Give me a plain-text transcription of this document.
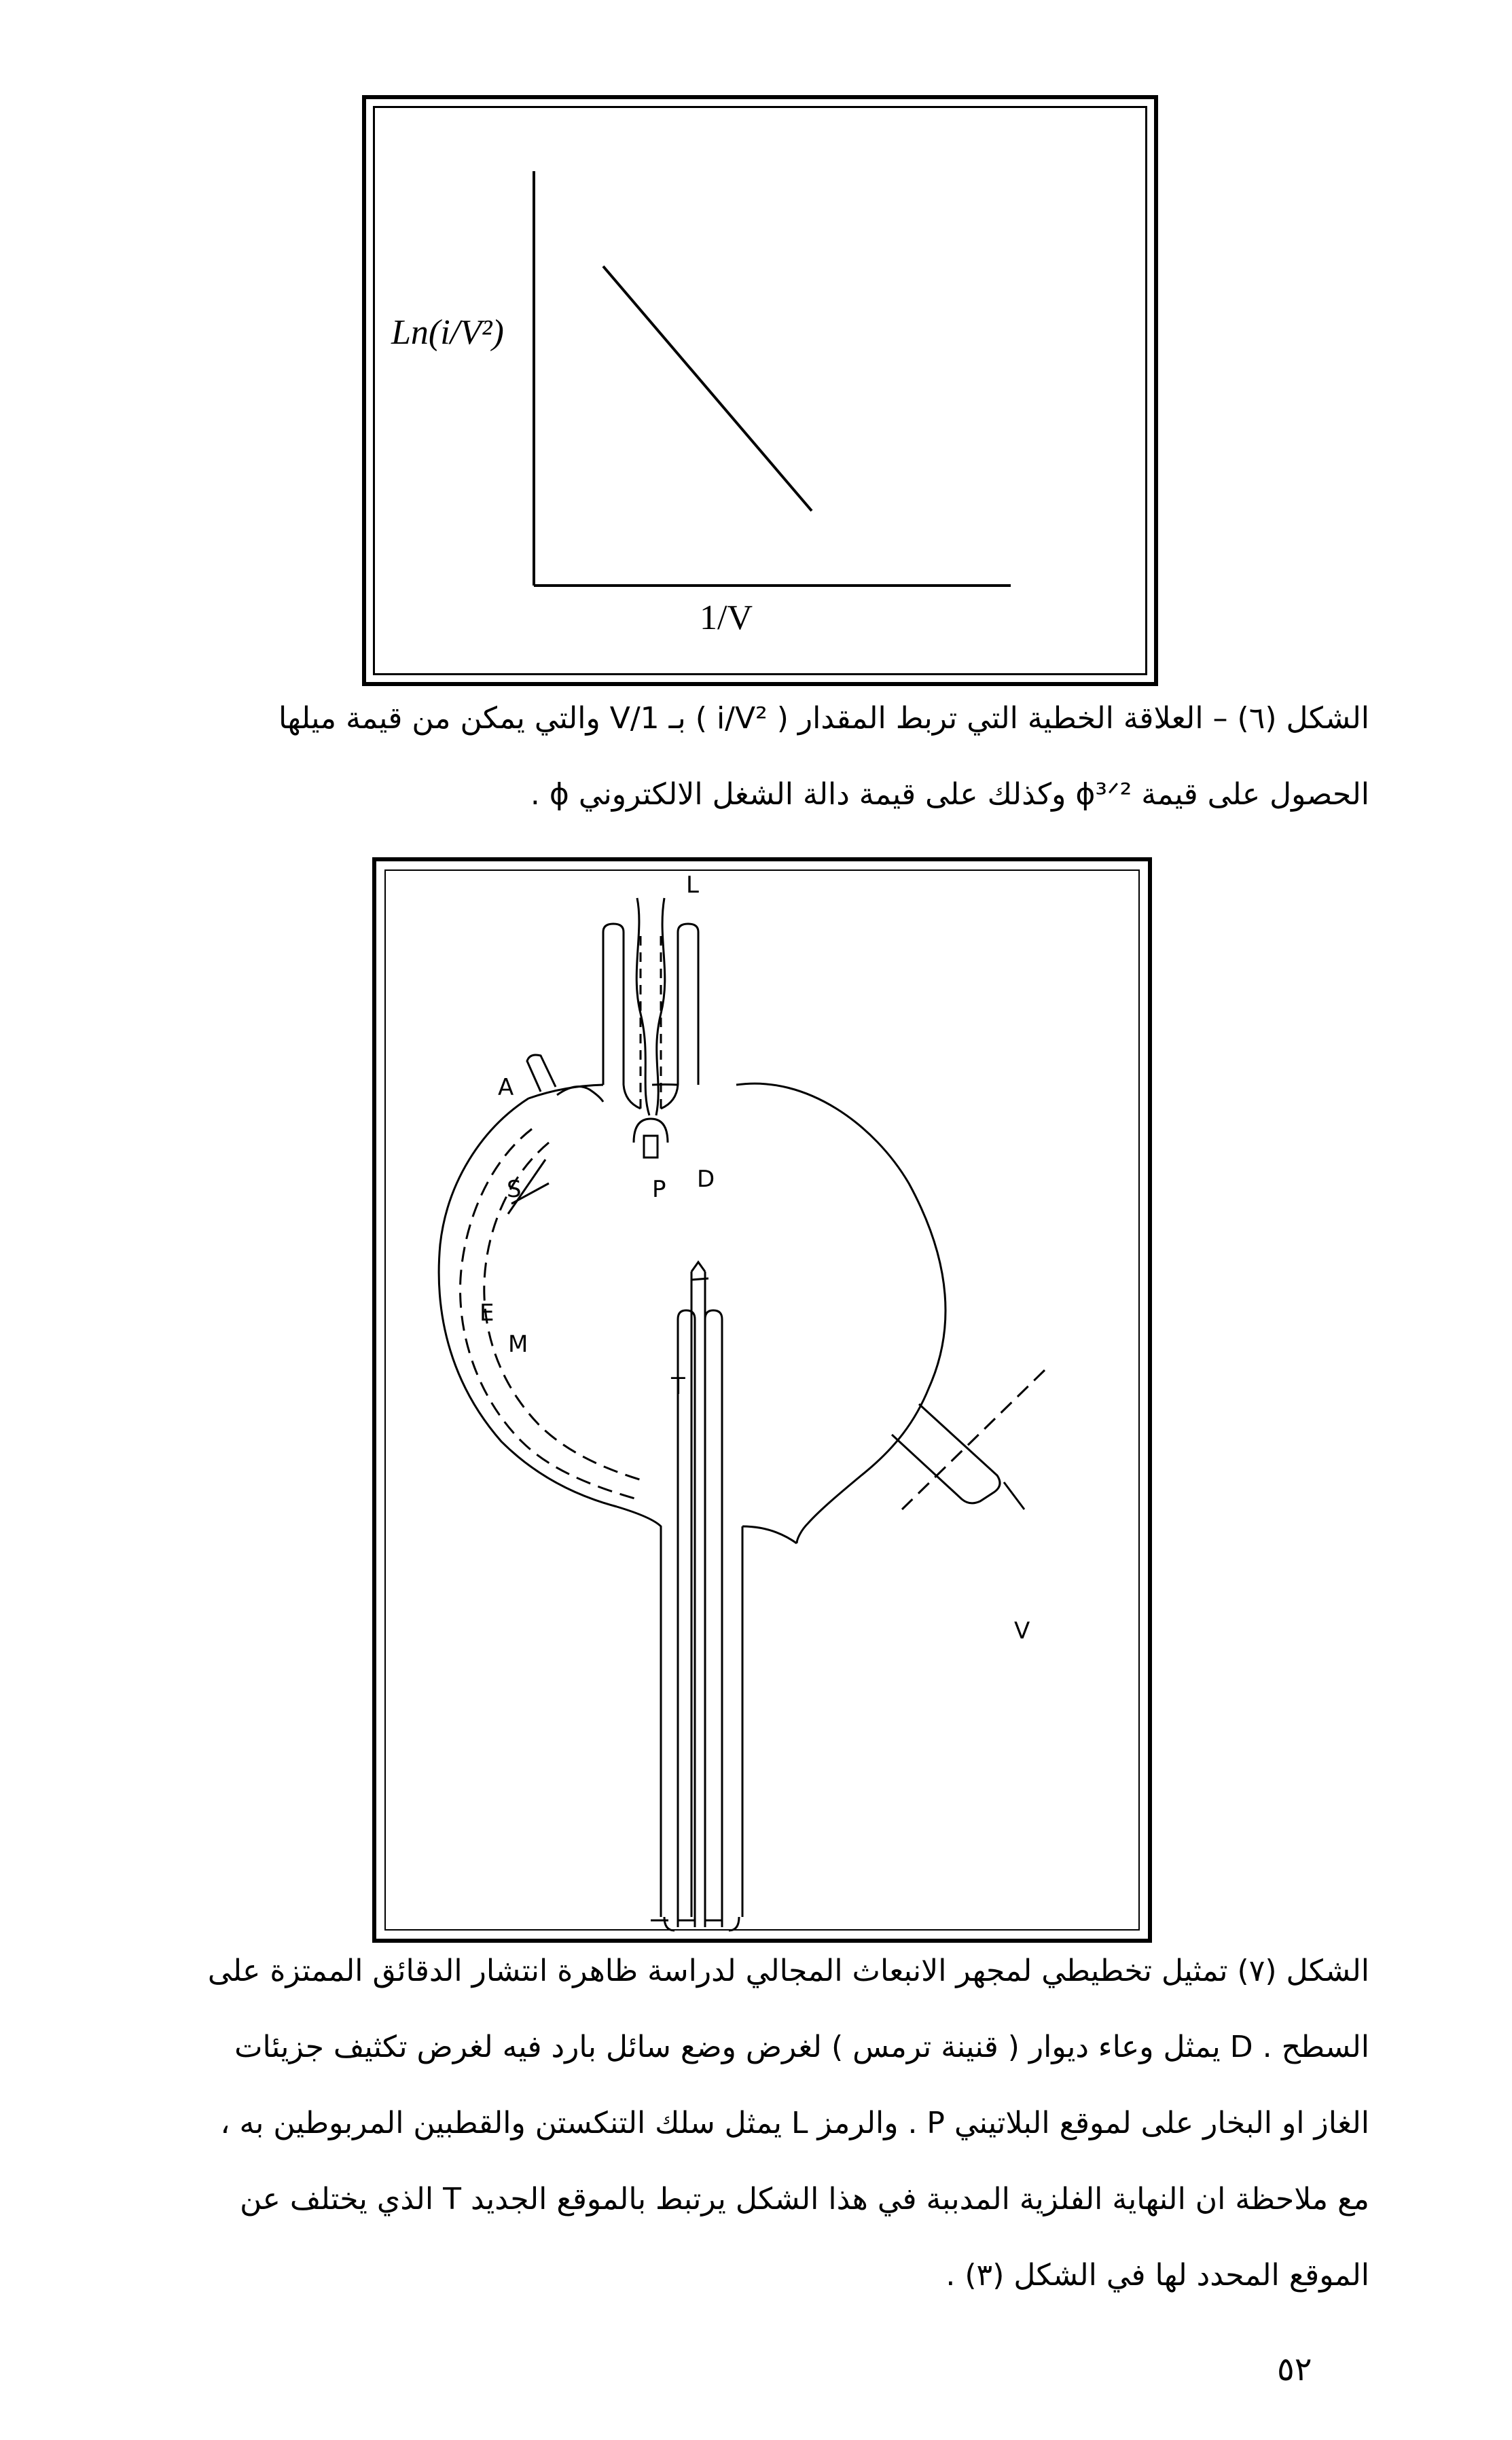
Ln(i/V²)
1/V
الشكل (٦) – العلاقة الخطية التي تربط المقدار ( i/V² ) بـ 1/V والتي يمكن من قيمة ميلها
الحصول على قيمة ϕ³ᐟ² وكذلك على قيمة دالة الشغل الالكتروني ϕ .
L
A
S
E
M
D
P
T
V
الشكل (٧) تمثيل تخطيطي لمجهر الانبعاث المجالي لدراسة ظاهرة انتشار الدقائق الممتزة على
السطح . D يمثل وعاء ديوار ( قنينة ترمس ) لغرض وضع سائل بارد فيه لغرض تكثيف جزيئات
الغاز او البخار على لموقع البلاتيني P . والرمز L يمثل سلك التنكستن والقطبين المربوطين به ،
مع ملاحظة ان النهاية الفلزية المدببة في هذا الشكل يرتبط بالموقع الجديد T الذي يختلف عن
الموقع المحدد لها في الشكل (٣) .
٥٢
